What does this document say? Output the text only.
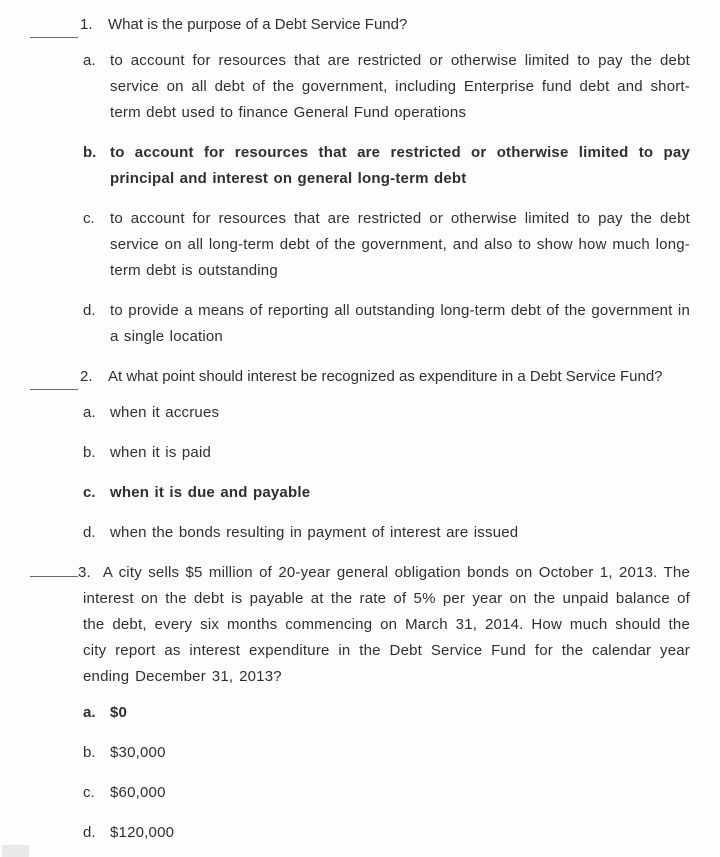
1.	What is the purpose of a Debt Service Fund?
a. to account for resources that are restricted or otherwise limited to pay the debt service on all debt of the government, including Enterprise fund debt and short-term debt used to finance General Fund operations
b. to account for resources that are restricted or otherwise limited to pay principal and interest on general long-term debt
c.	to account for resources that are restricted or otherwise limited to pay the debt service on all long-term debt of the government, and also to show how much long-term debt is outstanding
d. to provide a means of reporting all outstanding long-term debt of the government in a single location
2.	At what point should interest be recognized as expenditure in a Debt Service Fund?
a. when it accrues
b. when it is paid
c. when it is due and payable
d. when the bonds resulting in payment of interest are issued
3. A city sells $5 million of 20-year general obligation bonds on October 1, 2013. The interest on the debt is payable at the rate of 5% per year on the unpaid balance of the debt, every six months commencing on March 31, 2014. How much should the city report as interest expenditure in the Debt Service Fund for the calendar year ending December 31, 2013?
a. $0
b. $30,000
c.	$60,000
d. $120,000
